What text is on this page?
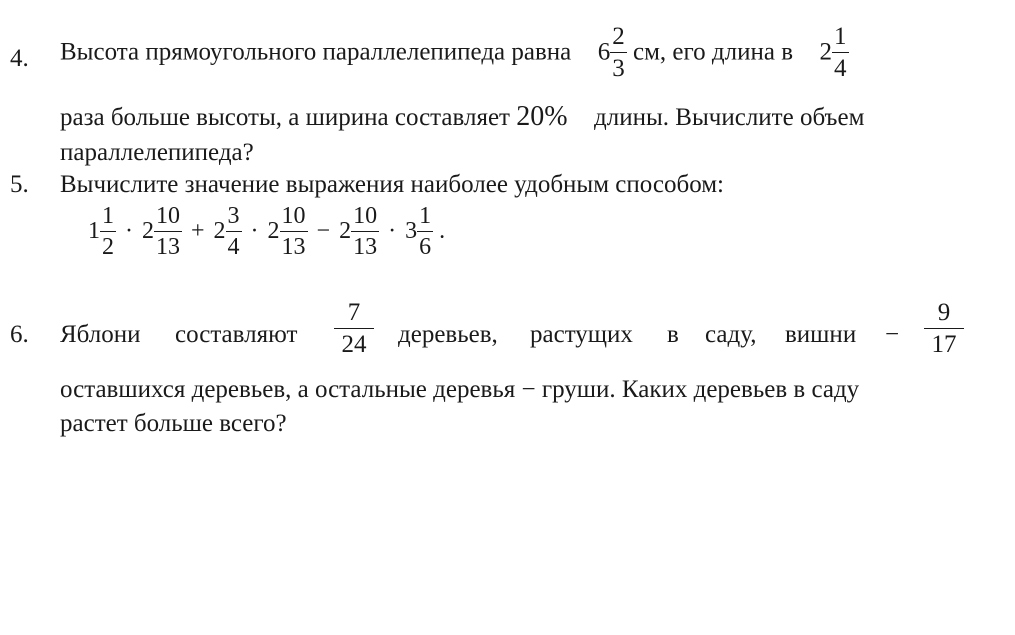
4. Высота прямоугольного параллелепипеда равна $6 \frac{2}{3}$ см, его длина в $2 \frac{1}{4}$
раза больше высоты, а ширина составляет 20% длины. Вычислите объем
параллелепипеда?
5. Вычислите значение выражения наиболее удобным способом:
$1 \frac{1}{2} \cdot 2 \frac{10}{13} + 2 \frac{3}{4} \cdot 2 \frac{10}{13} - 2 \frac{10}{13} \cdot 3 \frac{1}{6}$ .
6. Яблони составляют $\frac{7}{24}$ деревьев, растущих в саду, вишни − $\frac{9}{17}$
оставшихся деревьев, а остальные деревья − груши. Каких деревьев в саду
растет больше всего?
